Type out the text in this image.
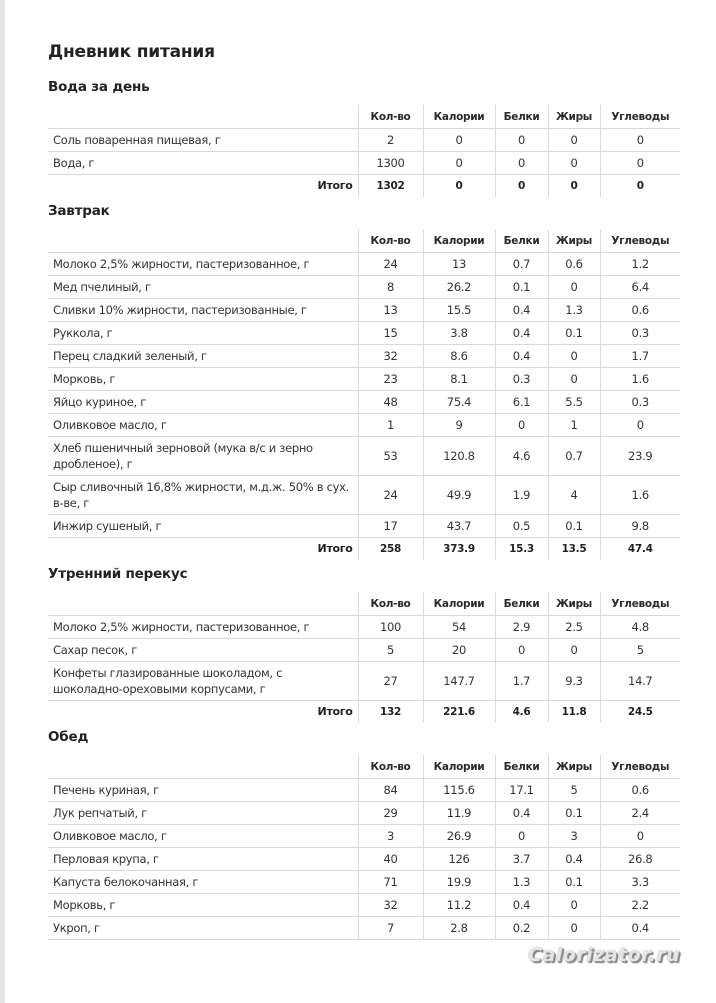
Дневник питания
Вода за день
	Кол-во	Калории	Белки	Жиры	Углеводы
Соль поваренная пищевая, г	2	0	0	0	0
Вода, г	1300	0	0	0	0
Итого	1302	0	0	0	0
Завтрак
	Кол-во	Калории	Белки	Жиры	Углеводы
Молоко 2,5% жирности, пастеризованное, г	24	13	0.7	0.6	1.2
Мед пчелиный, г	8	26.2	0.1	0	6.4
Сливки 10% жирности, пастеризованные, г	13	15.5	0.4	1.3	0.6
Руккола, г	15	3.8	0.4	0.1	0.3
Перец сладкий зеленый, г	32	8.6	0.4	0	1.7
Морковь, г	23	8.1	0.3	0	1.6
Яйцо куриное, г	48	75.4	6.1	5.5	0.3
Оливковое масло, г	1	9	0	1	0
Хлеб пшеничный зерновой (мука в/с и зерно дробленое), г	53	120.8	4.6	0.7	23.9
Сыр сливочный 16,8% жирности, м.д.ж. 50% в сух. в-ве, г	24	49.9	1.9	4	1.6
Инжир сушеный, г	17	43.7	0.5	0.1	9.8
Итого	258	373.9	15.3	13.5	47.4
Утренний перекус
	Кол-во	Калории	Белки	Жиры	Углеводы
Молоко 2,5% жирности, пастеризованное, г	100	54	2.9	2.5	4.8
Сахар песок, г	5	20	0	0	5
Конфеты глазированные шоколадом, с шоколадно-ореховыми корпусами, г	27	147.7	1.7	9.3	14.7
Итого	132	221.6	4.6	11.8	24.5
Обед
	Кол-во	Калории	Белки	Жиры	Углеводы
Печень куриная, г	84	115.6	17.1	5	0.6
Лук репчатый, г	29	11.9	0.4	0.1	2.4
Оливковое масло, г	3	26.9	0	3	0
Перловая крупа, г	40	126	3.7	0.4	26.8
Капуста белокочанная, г	71	19.9	1.3	0.1	3.3
Морковь, г	32	11.2	0.4	0	2.2
Укроп, г	7	2.8	0.2	0	0.4
Calorizator.ru
